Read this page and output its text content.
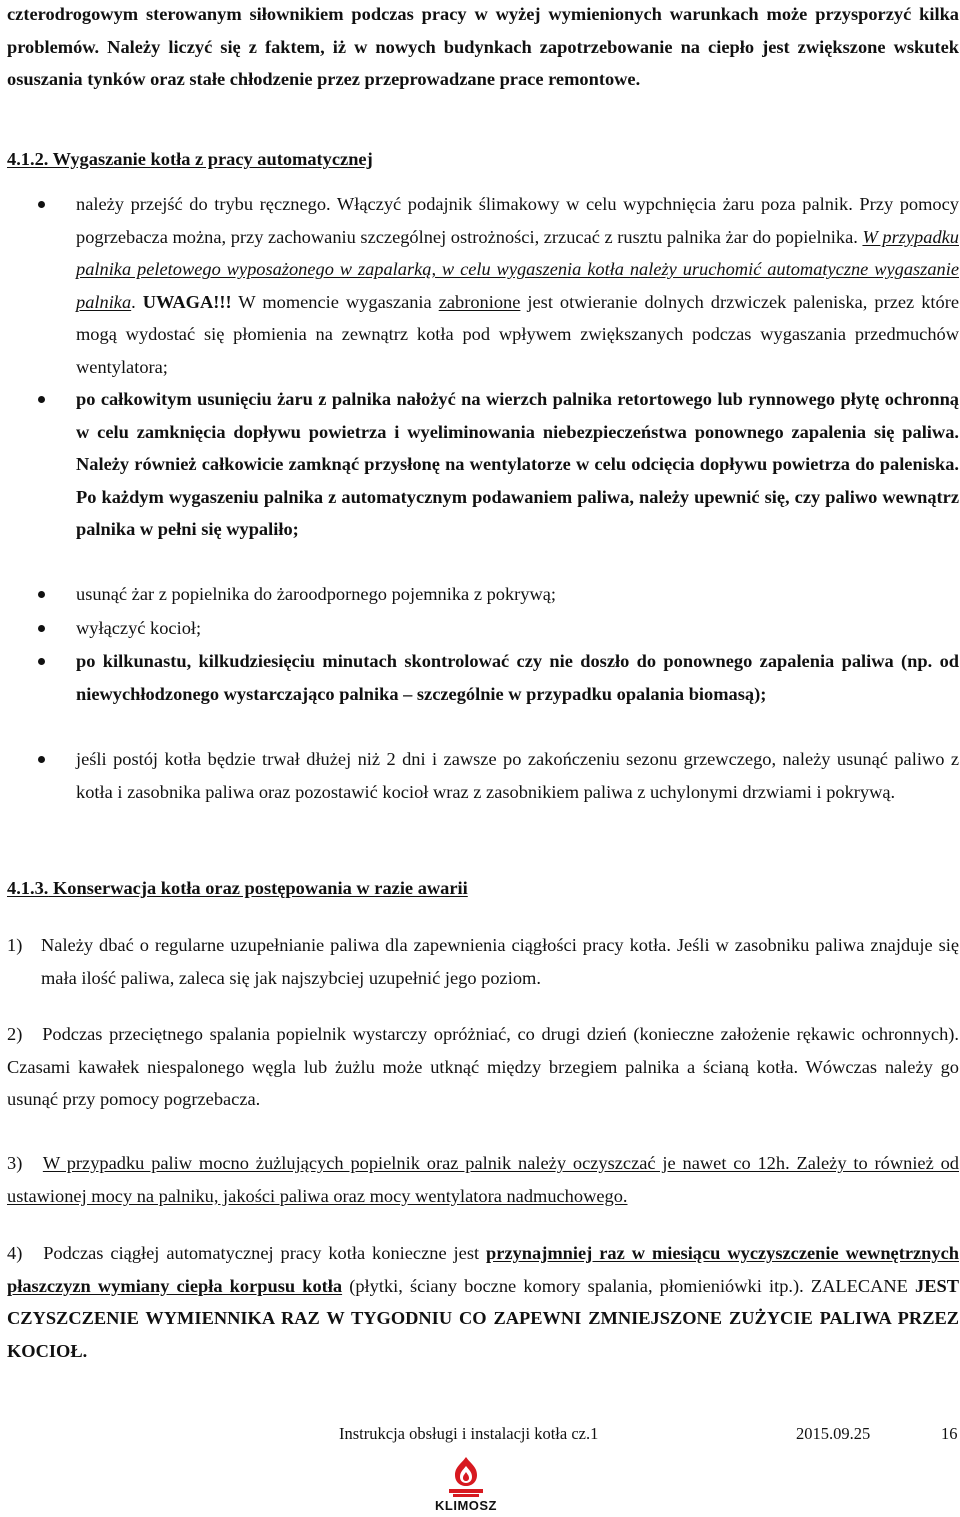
czterodrogowym sterowanym siłownikiem podczas pracy w wyżej wymienionych warunkach może przysporzyć kilka problemów. Należy liczyć się z faktem, iż w nowych budynkach zapotrzebowanie na ciepło jest zwiększone wskutek osuszania tynków oraz stałe chłodzenie przez przeprowadzane prace remontowe.
4.1.2. Wygaszanie kotła z pracy automatycznej
należy przejść do trybu ręcznego. Włączyć podajnik ślimakowy w celu wypchnięcia żaru poza palnik. Przy pomocy pogrzebacza można, przy zachowaniu szczególnej ostrożności, zrzucać z rusztu palnika żar do popielnika. W przypadku palnika peletowego wyposażonego w zapalarką, w celu wygaszenia kotła należy uruchomić automatyczne wygaszanie palnika. UWAGA!!! W momencie wygaszania zabronione jest otwieranie dolnych drzwiczek paleniska, przez które mogą wydostać się płomienia na zewnątrz kotła pod wpływem zwiększanych podczas wygaszania przedmuchów wentylatora;
po całkowitym usunięciu żaru z palnika nałożyć na wierzch palnika retortowego lub rynnowego płytę ochronną w celu zamknięcia dopływu powietrza i wyeliminowania niebezpieczeństwa ponownego zapalenia się paliwa. Należy również całkowicie zamknąć przysłonę na wentylatorze w celu odcięcia dopływu powietrza do paleniska. Po każdym wygaszeniu palnika z automatycznym podawaniem paliwa, należy upewnić się, czy paliwo wewnątrz palnika w pełni się wypaliło;
usunąć żar z popielnika do żaroodpornego pojemnika z pokrywą;
wyłączyć kocioł;
po kilkunastu, kilkudziesięciu minutach skontrolować czy nie doszło do ponownego zapalenia paliwa (np. od niewychłodzonego wystarczająco palnika – szczególnie w przypadku opalania biomasą);
jeśli postój kotła będzie trwał dłużej niż 2 dni i zawsze po zakończeniu sezonu grzewczego, należy usunąć paliwo z kotła i zasobnika paliwa oraz pozostawić kocioł wraz z zasobnikiem paliwa z uchylonymi drzwiami i pokrywą.
4.1.3. Konserwacja kotła oraz postępowania w razie awarii
1) Należy dbać o regularne uzupełnianie paliwa dla zapewnienia ciągłości pracy kotła. Jeśli w zasobniku paliwa znajduje się mała ilość paliwa, zaleca się jak najszybciej uzupełnić jego poziom.
2) Podczas przeciętnego spalania popielnik wystarczy opróżniać, co drugi dzień (konieczne założenie rękawic ochronnych). Czasami kawałek niespalonego węgla lub żużlu może utknąć między brzegiem palnika a ścianą kotła. Wówczas należy go usunąć przy pomocy pogrzebacza.
3) W przypadku paliw mocno żużlujących popielnik oraz palnik należy oczyszczać je nawet co 12h. Zależy to również od ustawionej mocy na palniku, jakości paliwa oraz mocy wentylatora nadmuchowego.
4) Podczas ciągłej automatycznej pracy kotła konieczne jest przynajmniej raz w miesiącu wyczyszczenie wewnętrznych płaszczyzn wymiany ciepła korpusu kotła (płytki, ściany boczne komory spalania, płomieniówki itp.). ZALECANE JEST CZYSZCZENIE WYMIENNIKA RAZ W TYGODNIU CO ZAPEWNI ZMNIEJSZONE ZUŻYCIE PALIWA PRZEZ KOCIOŁ.
Instrukcja obsługi i instalacji kotła cz.1	2015.09.25	16
KLIMOSZ
